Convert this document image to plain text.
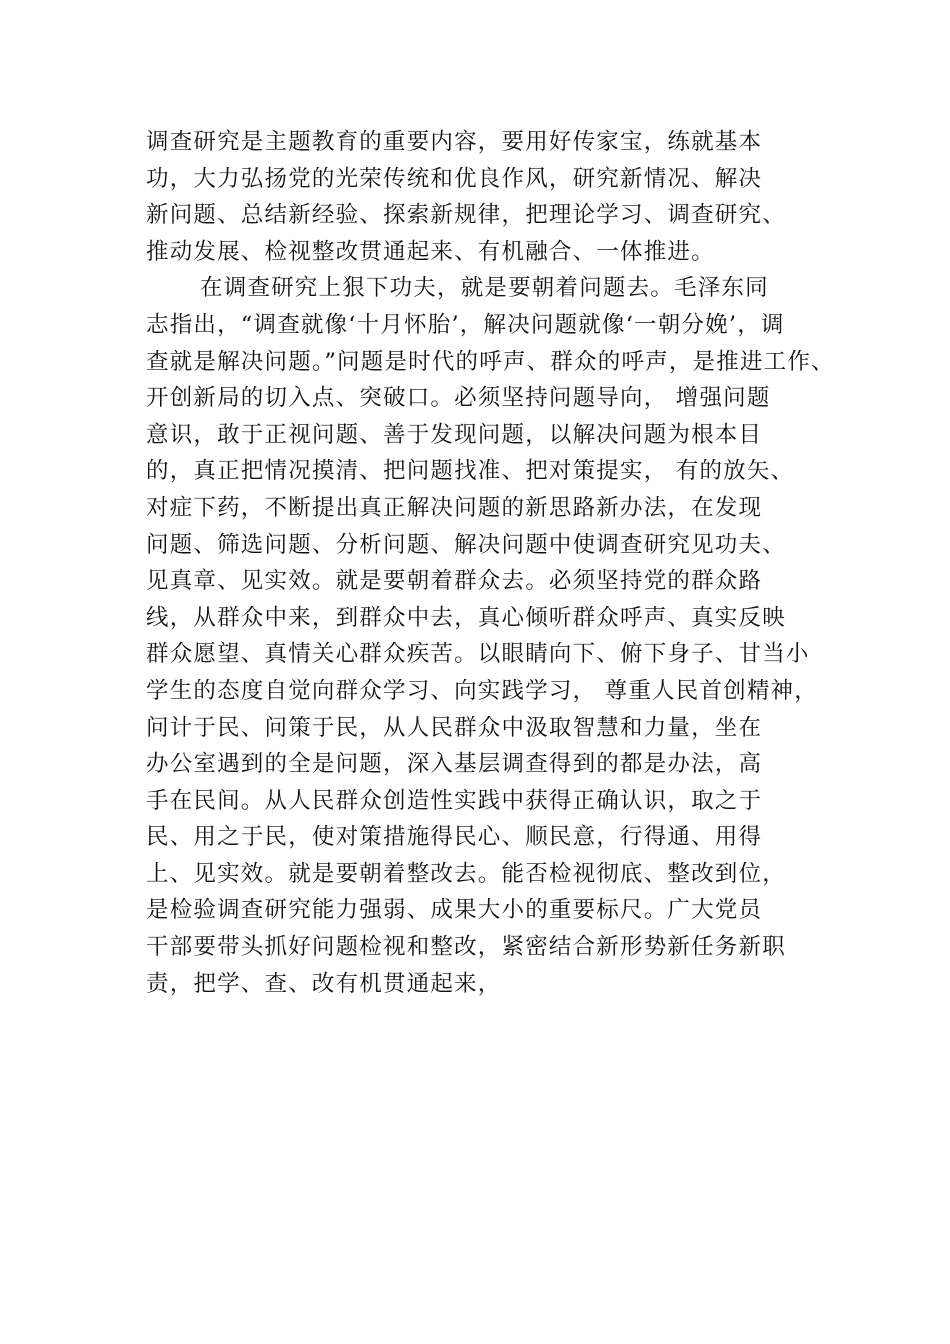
调查研究是主题教育的重要内容，要用好传家宝，练就基本
功，大力弘扬党的光荣传统和优良作风，研究新情况、解决
新问题、总结新经验、探索新规律，把理论学习、调查研究、
推动发展、检视整改贯通起来、有机融合、一体推进。
在调查研究上狠下功夫，就是要朝着问题去。毛泽东同
志指出，“调查就像‘十月怀胎’，解决问题就像‘一朝分娩’，调
查就是解决问题。”问题是时代的呼声、群众的呼声，是推进工作、
开创新局的切入点、突破口。必须坚持问题导向， 增强问题
意识，敢于正视问题、善于发现问题，以解决问题为根本目
的，真正把情况摸清、把问题找准、把对策提实， 有的放矢、
对症下药，不断提出真正解决问题的新思路新办法，在发现
问题、筛选问题、分析问题、解决问题中使调查研究见功夫、
见真章、见实效。就是要朝着群众去。必须坚持党的群众路
线，从群众中来，到群众中去，真心倾听群众呼声、真实反映
群众愿望、真情关心群众疾苦。以眼睛向下、俯下身子、甘当小
学生的态度自觉向群众学习、向实践学习， 尊重人民首创精神，
问计于民、问策于民，从人民群众中汲取智慧和力量，坐在
办公室遇到的全是问题，深入基层调查得到的都是办法，高
手在民间。从人民群众创造性实践中获得正确认识，取之于
民、用之于民，使对策措施得民心、顺民意，行得通、用得
上、见实效。就是要朝着整改去。能否检视彻底、整改到位，
是检验调查研究能力强弱、成果大小的重要标尺。广大党员
干部要带头抓好问题检视和整改，紧密结合新形势新任务新职
责，把学、查、改有机贯通起来，
